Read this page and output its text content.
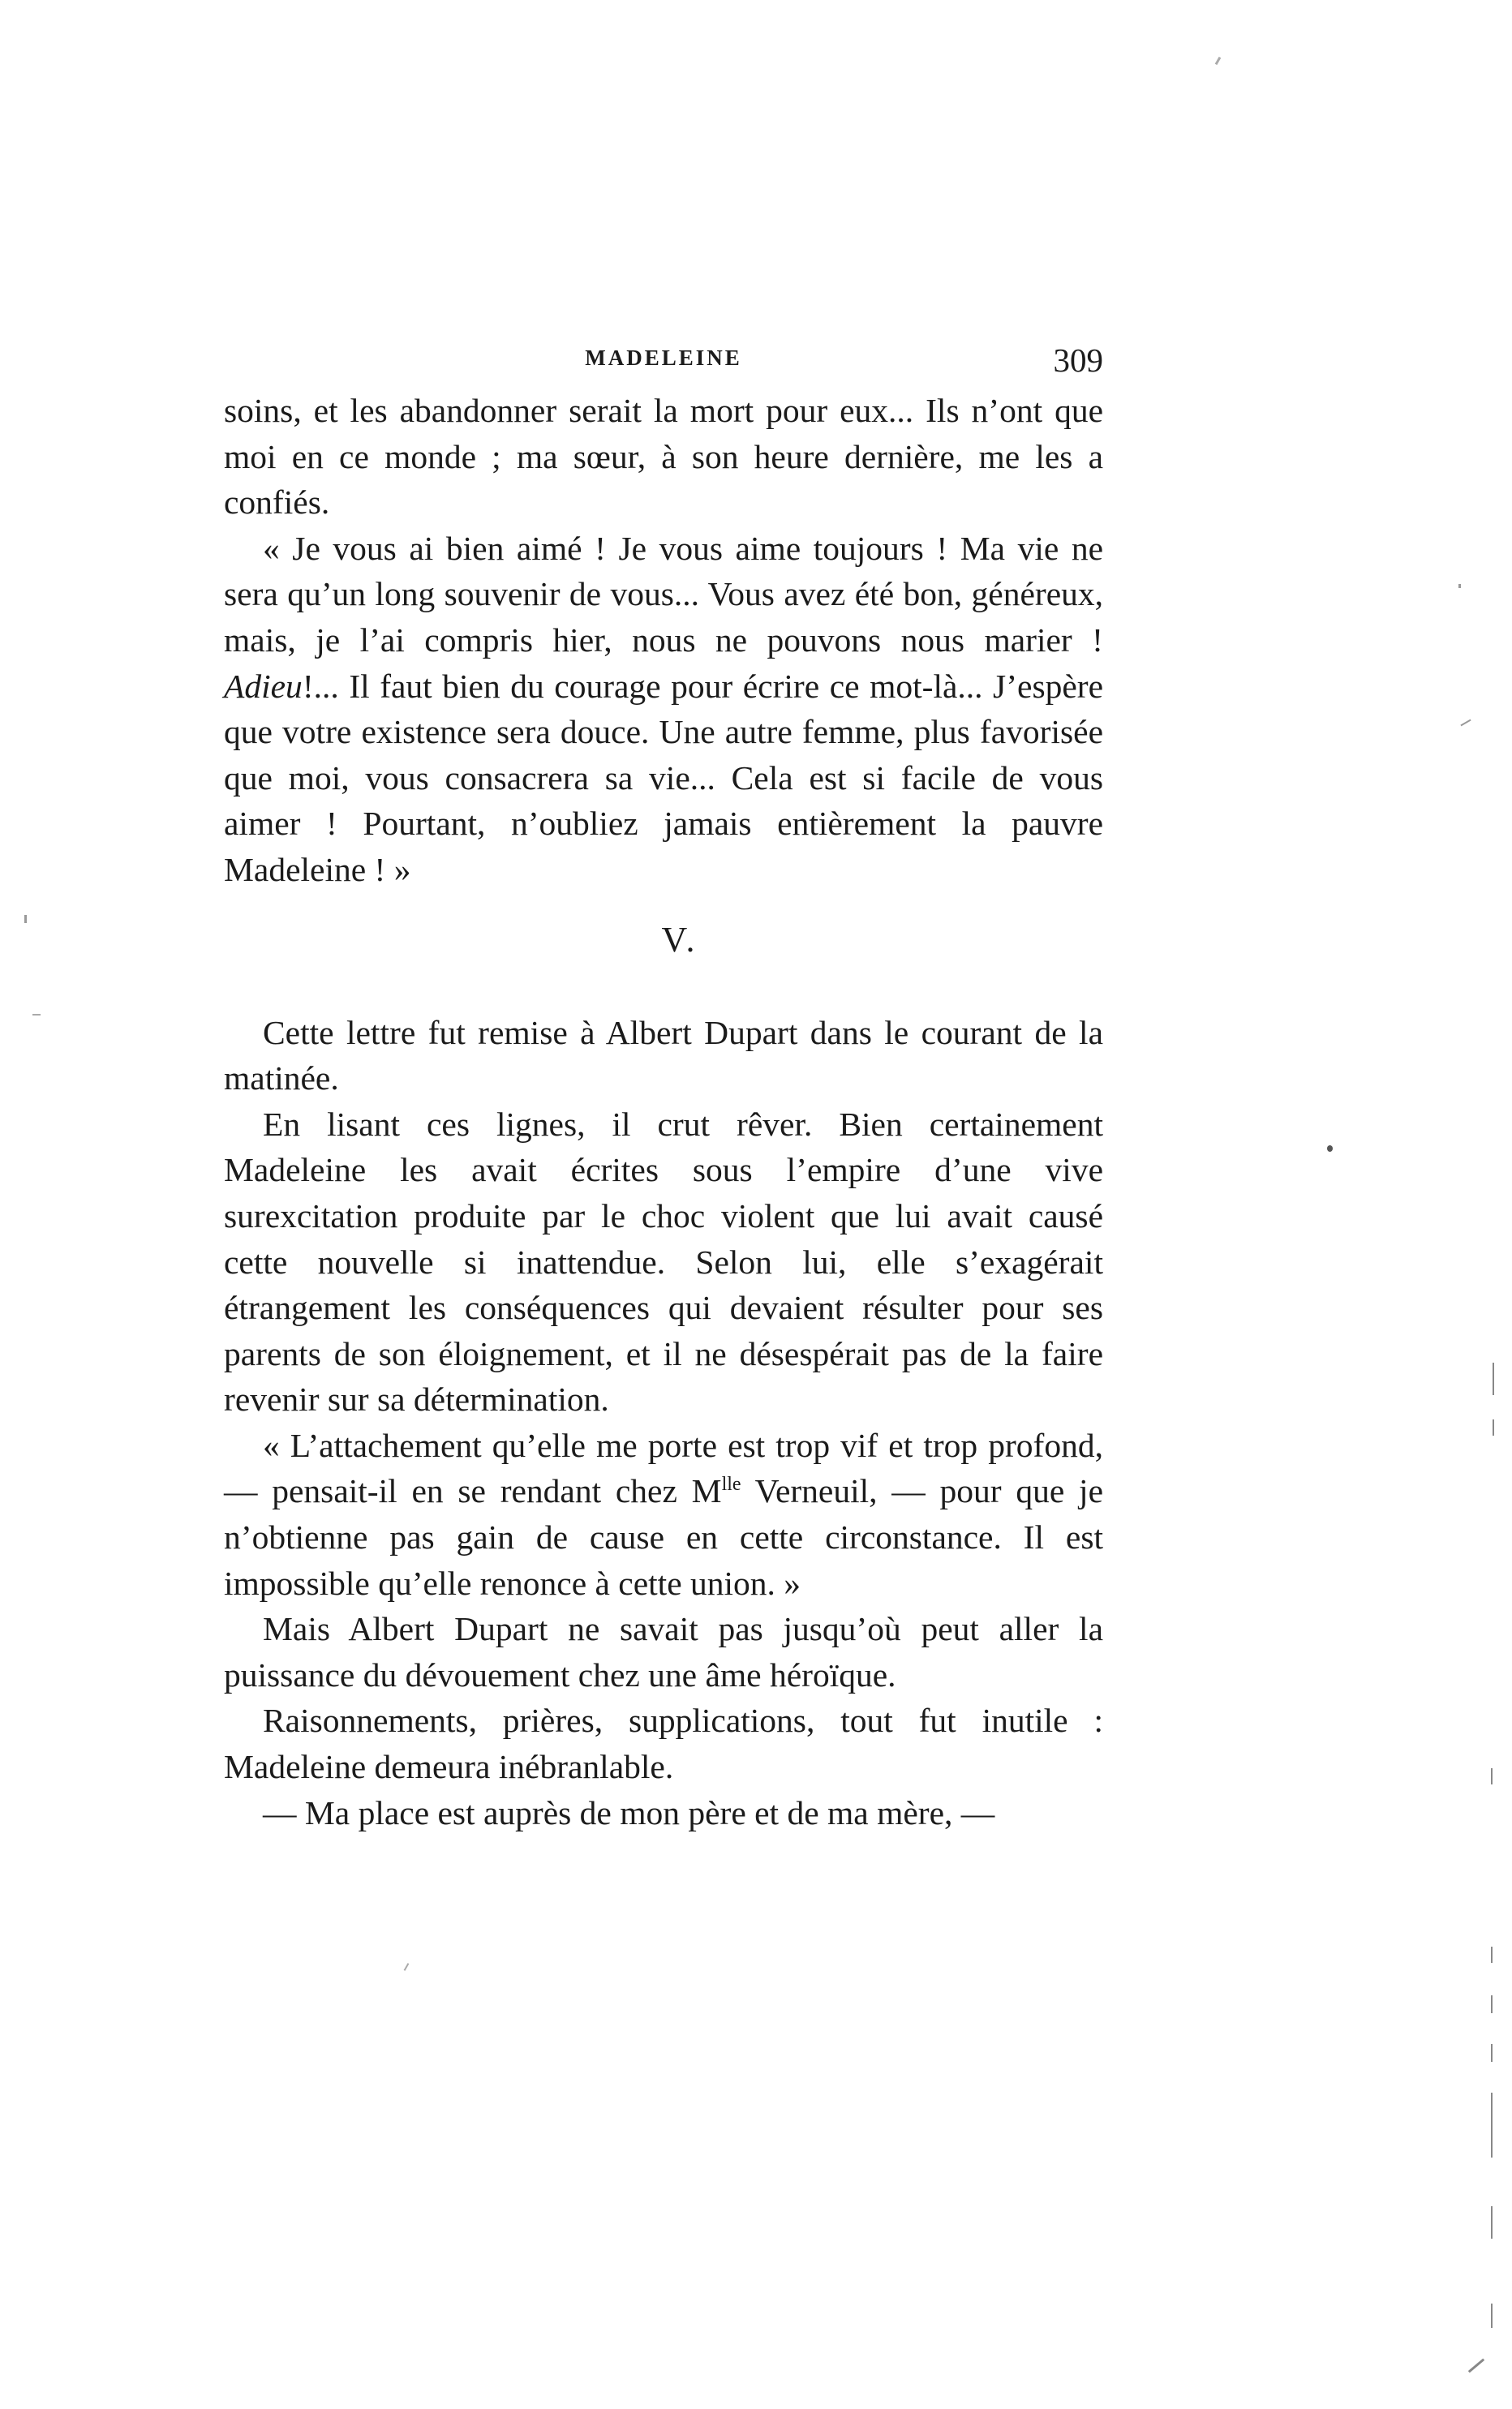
MADELEINE	309

soins, et les abandonner serait la mort pour eux... Ils n’ont que moi en ce monde ; ma sœur, à son heure dernière, me les a confiés.

« Je vous ai bien aimé ! Je vous aime toujours ! Ma vie ne sera qu’un long souvenir de vous... Vous avez été bon, généreux, mais, je l’ai compris hier, nous ne pouvons nous marier ! Adieu!... Il faut bien du courage pour écrire ce mot-là... J’espère que votre existence sera douce. Une autre femme, plus favorisée que moi, vous consacrera sa vie... Cela est si facile de vous aimer ! Pourtant, n’oubliez jamais entièrement la pauvre Madeleine ! »

V.

Cette lettre fut remise à Albert Dupart dans le courant de la matinée.

En lisant ces lignes, il crut rêver. Bien certainement Madeleine les avait écrites sous l’empire d’une vive surexcitation produite par le choc violent que lui avait causé cette nouvelle si inattendue. Selon lui, elle s’exagérait étrangement les conséquences qui devaient résulter pour ses parents de son éloignement, et il ne désespérait pas de la faire revenir sur sa détermination.

« L’attachement qu’elle me porte est trop vif et trop profond, — pensait-il en se rendant chez $M^{lle}$ Verneuil, — pour que je n’obtienne pas gain de cause en cette circonstance. Il est impossible qu’elle renonce à cette union. »

Mais Albert Dupart ne savait pas jusqu’où peut aller la puissance du dévouement chez une âme héroïque.

Raisonnements, prières, supplications, tout fut inutile : Madeleine demeura inébranlable.

— Ma place est auprès de mon père et de ma mère, —
